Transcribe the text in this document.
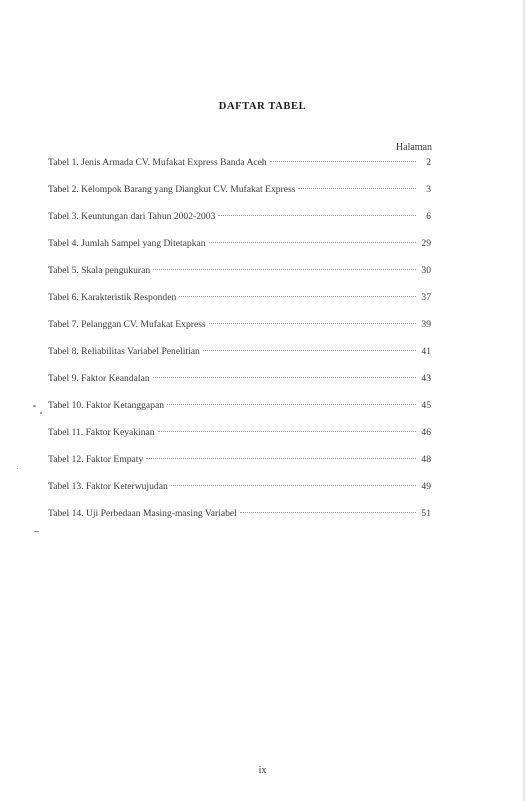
DAFTAR TABEL
Halaman
Tabel 1. Jenis Armada CV. Mufakat Express Banda Aceh	2
Tabel 2. Kelompok Barang yang Diangkut CV. Mufakat Express	3
Tabel 3. Keuntungan dari Tahun 2002-2003	6
Tabel 4. Jumlah Sampel yang Ditetapkan	29
Tabel 5. Skala pengukuran	30
Tabel 6. Karakteristik Responden	37
Tabel 7. Pelanggan CV. Mufakat Express	39
Tabel 8. Reliabilitas Variabel Penelitian	41
Tabel 9. Faktor Keandalan	43
Tabel 10. Faktor Ketanggapan	45
Tabel 11. Faktor Keyakinan	46
Tabel 12. Faktor Empaty	48
Tabel 13. Faktor Keterwujudan	49
Tabel 14. Uji Perbedaan Masing-masing Variabel	51
ix
